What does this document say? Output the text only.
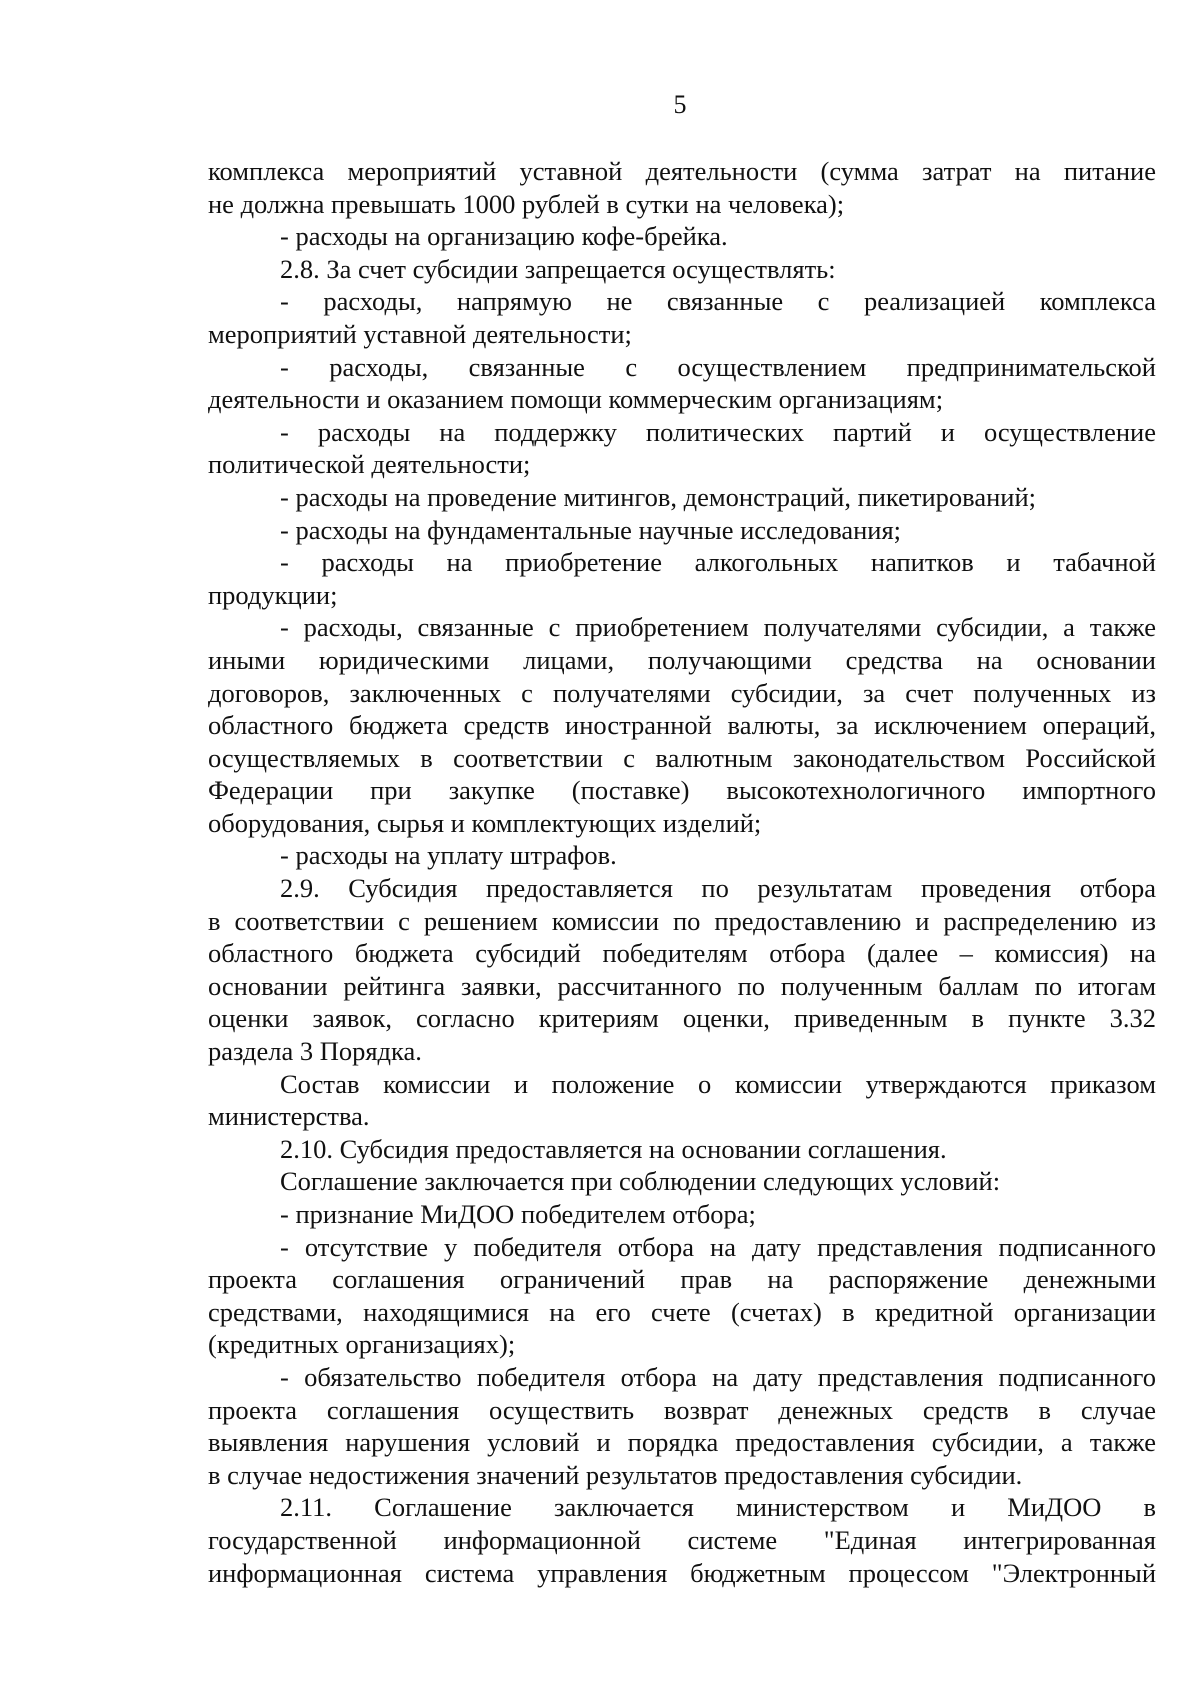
5
комплекса мероприятий уставной деятельности (сумма затрат на питание
не должна превышать 1000 рублей в сутки на человека);
- расходы на организацию кофе-брейка.
2.8. За счет субсидии запрещается осуществлять:
- расходы, напрямую не связанные с реализацией комплекса
мероприятий уставной деятельности;
- расходы, связанные с осуществлением предпринимательской
деятельности и оказанием помощи коммерческим организациям;
- расходы на поддержку политических партий и осуществление
политической деятельности;
- расходы на проведение митингов, демонстраций, пикетирований;
- расходы на фундаментальные научные исследования;
- расходы на приобретение алкогольных напитков и табачной
продукции;
- расходы, связанные с приобретением получателями субсидии, а также
иными юридическими лицами, получающими средства на основании
договоров, заключенных с получателями субсидии, за счет полученных из
областного бюджета средств иностранной валюты, за исключением операций,
осуществляемых в соответствии с валютным законодательством Российской
Федерации при закупке (поставке) высокотехнологичного импортного
оборудования, сырья и комплектующих изделий;
- расходы на уплату штрафов.
2.9. Субсидия предоставляется по результатам проведения отбора
в соответствии с решением комиссии по предоставлению и распределению из
областного бюджета субсидий победителям отбора (далее – комиссия) на
основании рейтинга заявки, рассчитанного по полученным баллам по итогам
оценки заявок, согласно критериям оценки, приведенным в пункте 3.32
раздела 3 Порядка.
Состав комиссии и положение о комиссии утверждаются приказом
министерства.
2.10. Субсидия предоставляется на основании соглашения.
Соглашение заключается при соблюдении следующих условий:
- признание МиДОО победителем отбора;
- отсутствие у победителя отбора на дату представления подписанного
проекта соглашения ограничений прав на распоряжение денежными
средствами, находящимися на его счете (счетах) в кредитной организации
(кредитных организациях);
- обязательство победителя отбора на дату представления подписанного
проекта соглашения осуществить возврат денежных средств в случае
выявления нарушения условий и порядка предоставления субсидии, а также
в случае недостижения значений результатов предоставления субсидии.
2.11. Соглашение заключается министерством и МиДОО в
государственной информационной системе "Единая интегрированная
информационная система управления бюджетным процессом "Электронный
